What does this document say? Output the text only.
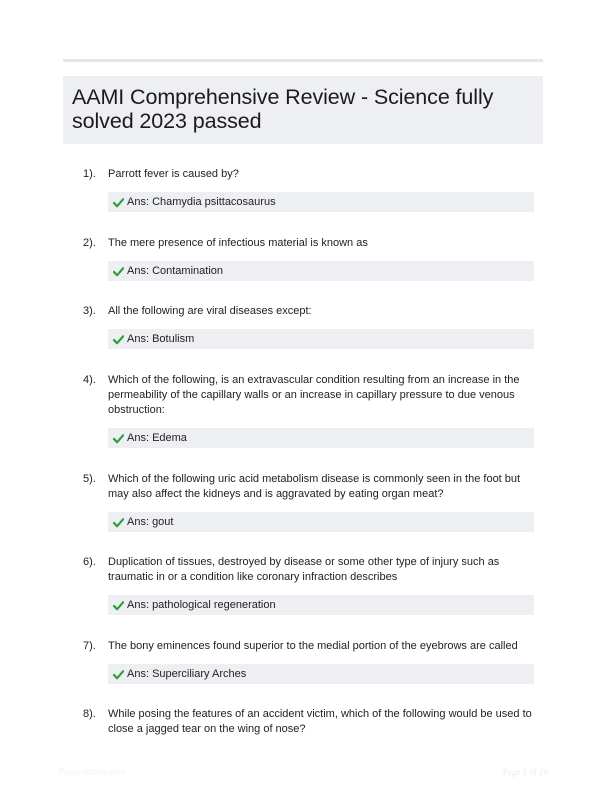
AAMI Comprehensive Review - Science fully solved 2023 passed
1). Parrott fever is caused by?
Ans: Chamydia psittacosaurus
2). The mere presence of infectious material is known as
Ans: Contamination
3). All the following are viral diseases except:
Ans: Botulism
4). Which of the following, is an extravascular condition resulting from an increase in the permeability of the capillary walls or an increase in capillary pressure to due venous obstruction:
Ans: Edema
5). Which of the following uric acid metabolism disease is commonly seen in the foot but may also affect the kidneys and is aggravated by eating organ meat?
Ans: gout
6). Duplication of tissues, destroyed by disease or some other type of injury such as traumatic in or a condition like coronary infraction describes
Ans: pathological regeneration
7). The bony eminences found superior to the medial portion of the eyebrows are called
Ans: Superciliary Arches
8). While posing the features of an accident victim, which of the following would be used to close a jagged tear on the wing of nose?
Paperlibrary.com	Page 1 of 20
